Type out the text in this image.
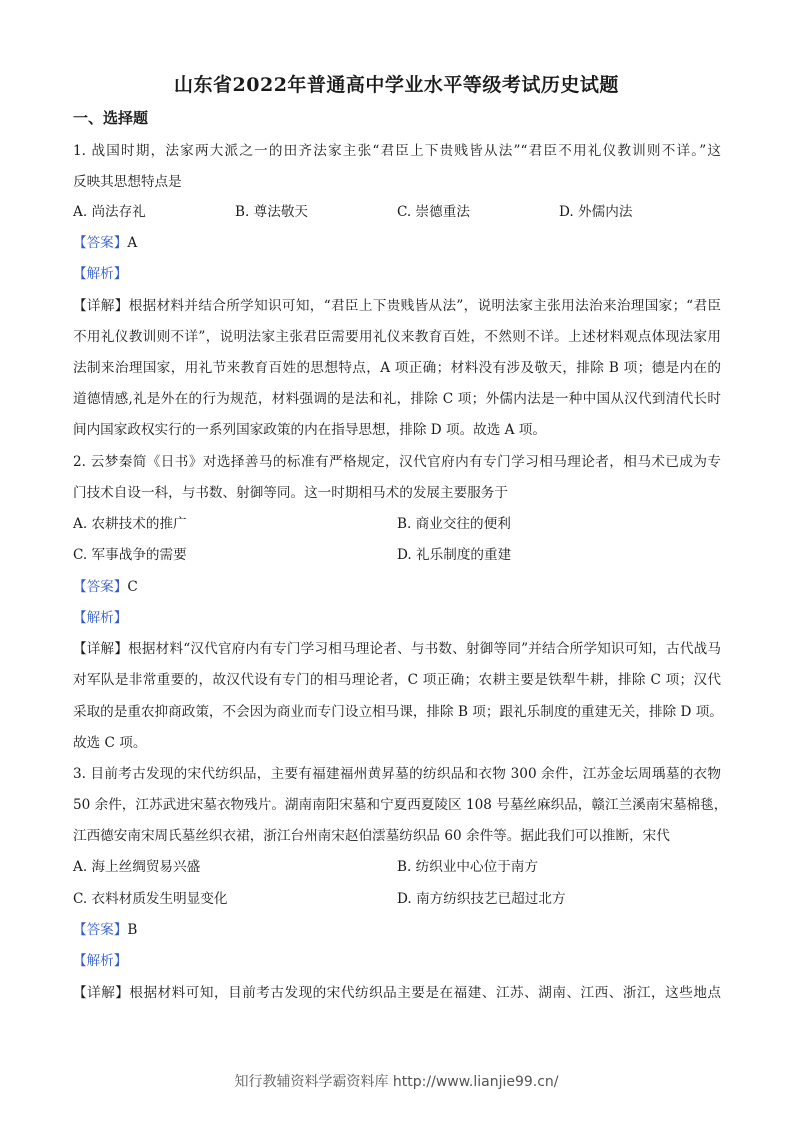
山东省2022年普通高中学业水平等级考试历史试题
一、选择题
1. 战国时期，法家两大派之一的田齐法家主张“君臣上下贵贱皆从法”“君臣不用礼仪教训则不详。”这
反映其思想特点是
A. 尚法存礼	B. 尊法敬天	C. 崇德重法	D. 外儒内法
【答案】A
【解析】
【详解】根据材料并结合所学知识可知，“君臣上下贵贱皆从法”，说明法家主张用法治来治理国家；“君臣
不用礼仪教训则不详”，说明法家主张君臣需要用礼仪来教育百姓，不然则不详。上述材料观点体现法家用
法制来治理国家，用礼节来教育百姓的思想特点，A 项正确；材料没有涉及敬天，排除 B 项；德是内在的
道德情感,礼是外在的行为规范，材料强调的是法和礼，排除 C 项；外儒内法是一种中国从汉代到清代长时
间内国家政权实行的一系列国家政策的内在指导思想，排除 D 项。故选 A 项。
2. 云梦秦简《日书》对选择善马的标准有严格规定，汉代官府内有专门学习相马理论者，相马术已成为专
门技术自设一科，与书数、射御等同。这一时期相马术的发展主要服务于
A. 农耕技术的推广	B. 商业交往的便利
C. 军事战争的需要	D. 礼乐制度的重建
【答案】C
【解析】
【详解】根据材料“汉代官府内有专门学习相马理论者、与书数、射御等同”并结合所学知识可知，古代战马
对军队是非常重要的，故汉代设有专门的相马理论者，C 项正确；农耕主要是铁犁牛耕，排除 C 项；汉代
采取的是重农抑商政策，不会因为商业而专门设立相马课，排除 B 项；跟礼乐制度的重建无关，排除 D 项。
故选 C 项。
3. 目前考古发现的宋代纺织品，主要有福建福州黄昇墓的纺织品和衣物 300 余件，江苏金坛周瑀墓的衣物
50 余件，江苏武进宋墓衣物残片。湖南南阳宋墓和宁夏西夏陵区 108 号墓丝麻织品，赣江兰溪南宋墓棉毯，
江西德安南宋周氏墓丝织衣裙，浙江台州南宋赵伯澐墓纺织品 60 余件等。据此我们可以推断，宋代
A. 海上丝绸贸易兴盛	B. 纺织业中心位于南方
C. 衣料材质发生明显变化	D. 南方纺织技艺已超过北方
【答案】B
【解析】
【详解】根据材料可知，目前考古发现的宋代纺织品主要是在福建、江苏、湖南、江西、浙江，这些地点
知行教辅资料学霸资料库 http://www.lianjie99.cn/
